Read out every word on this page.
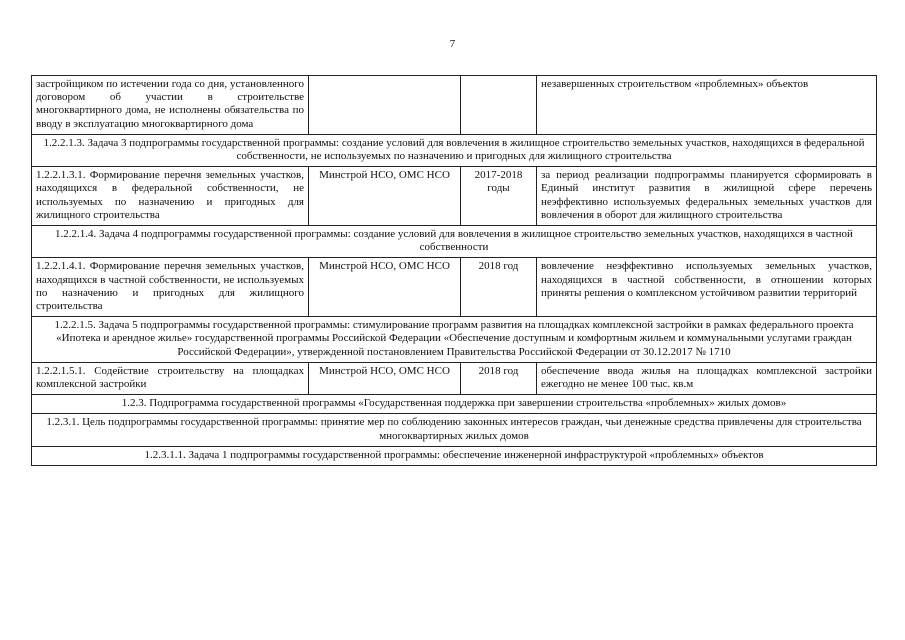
7
застройщиком по истечении года со дня, установленного договором об участии в строительстве многоквартирного дома, не исполнены обязательства по вводу в эксплуатацию многоквартирного дома			незавершенных строительством «проблемных» объектов
1.2.2.1.3. Задача 3 подпрограммы государственной программы: создание условий для вовлечения в жилищное строительство земельных участков, находящихся в федеральной собственности, не используемых по назначению и пригодных для жилищного строительства			
1.2.2.1.3.1. Формирование перечня земельных участков, находящихся в федеральной собственности, не используемых по назначению и пригодных для жилищного строительства	Минстрой НСО, ОМС НСО	2017-2018 годы	за период реализации подпрограммы планируется сформировать в Единый институт развития в жилищной сфере перечень неэффективно используемых федеральных земельных участков для вовлечения в оборот для жилищного строительства
1.2.2.1.4. Задача 4 подпрограммы государственной программы: создание условий для вовлечения в жилищное строительство земельных участков, находящихся в частной собственности			
1.2.2.1.4.1. Формирование перечня земельных участков, находящихся в частной собственности, не используемых по назначению и пригодных для жилищного строительства	Минстрой НСО, ОМС НСО	2018 год	вовлечение неэффективно используемых земельных участков, находящихся в частной собственности, в отношении которых приняты решения о комплексном устойчивом развитии территорий
1.2.2.1.5. Задача 5 подпрограммы государственной программы: стимулирование программ развития на площадках комплексной застройки в рамках федерального проекта «Ипотека и арендное жилье» государственной программы Российской Федерации «Обеспечение доступным и комфортным жильем и коммунальными услугами граждан Российской Федерации», утвержденной постановлением Правительства Российской Федерации от 30.12.2017 № 1710			
1.2.2.1.5.1. Содействие строительству на площадках комплексной застройки	Минстрой НСО, ОМС НСО	2018 год	обеспечение ввода жилья на площадках комплексной застройки ежегодно не менее 100 тыс. кв.м
1.2.3. Подпрограмма государственной программы «Государственная поддержка при завершении строительства «проблемных» жилых домов»			
1.2.3.1. Цель подпрограммы государственной программы: принятие мер по соблюдению законных интересов граждан, чьи денежные средства привлечены для строительства многоквартирных жилых домов			
1.2.3.1.1. Задача 1 подпрограммы государственной программы: обеспечение инженерной инфраструктурой «проблемных» объектов			
